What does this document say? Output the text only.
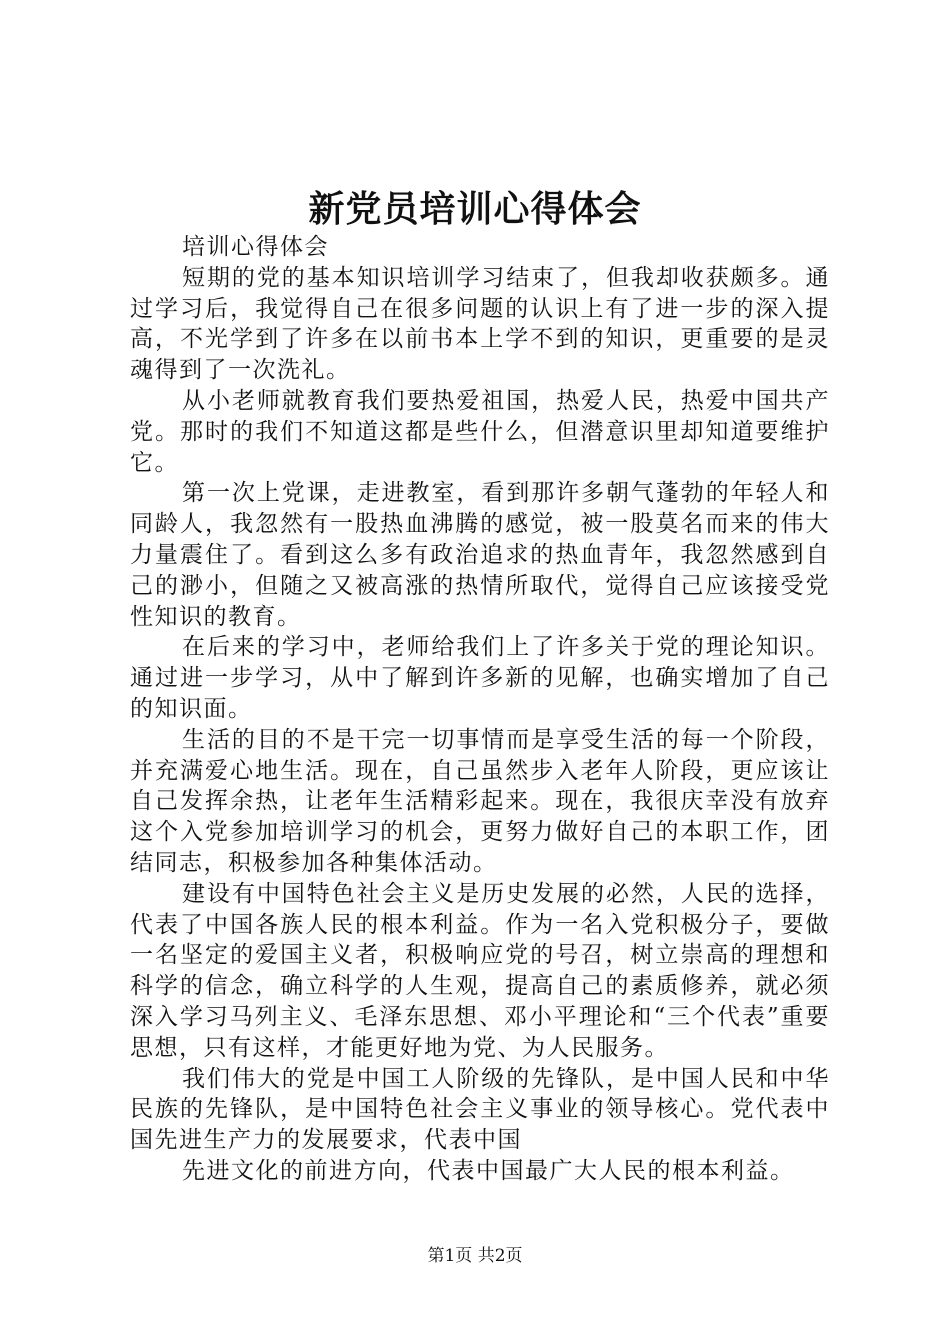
新党员培训心得体会

培训心得体会

短期的党的基本知识培训学习结束了，但我却收获颇多。通过学习后，我觉得自己在很多问题的认识上有了进一步的深入提高，不光学到了许多在以前书本上学不到的知识，更重要的是灵魂得到了一次洗礼。

从小老师就教育我们要热爱祖国，热爱人民，热爱中国共产党。那时的我们不知道这都是些什么，但潜意识里却知道要维护它。

第一次上党课，走进教室，看到那许多朝气蓬勃的年轻人和同龄人，我忽然有一股热血沸腾的感觉，被一股莫名而来的伟大力量震住了。看到这么多有政治追求的热血青年，我忽然感到自己的渺小，但随之又被高涨的热情所取代，觉得自己应该接受党性知识的教育。

在后来的学习中，老师给我们上了许多关于党的理论知识。通过进一步学习，从中了解到许多新的见解，也确实增加了自己的知识面。

生活的目的不是干完一切事情而是享受生活的每一个阶段，并充满爱心地生活。现在，自己虽然步入老年人阶段，更应该让自己发挥余热，让老年生活精彩起来。现在，我很庆幸没有放弃这个入党参加培训学习的机会，更努力做好自己的本职工作，团结同志，积极参加各种集体活动。

建设有中国特色社会主义是历史发展的必然，人民的选择，代表了中国各族人民的根本利益。作为一名入党积极分子，要做一名坚定的爱国主义者，积极响应党的号召，树立崇高的理想和科学的信念，确立科学的人生观，提高自己的素质修养，就必须深入学习马列主义、毛泽东思想、邓小平理论和“三个代表”重要思想，只有这样，才能更好地为党、为人民服务。

我们伟大的党是中国工人阶级的先锋队，是中国人民和中华民族的先锋队，是中国特色社会主义事业的领导核心。党代表中国先进生产力的发展要求，代表中国

先进文化的前进方向，代表中国最广大人民的根本利益。

第1页 共2页
